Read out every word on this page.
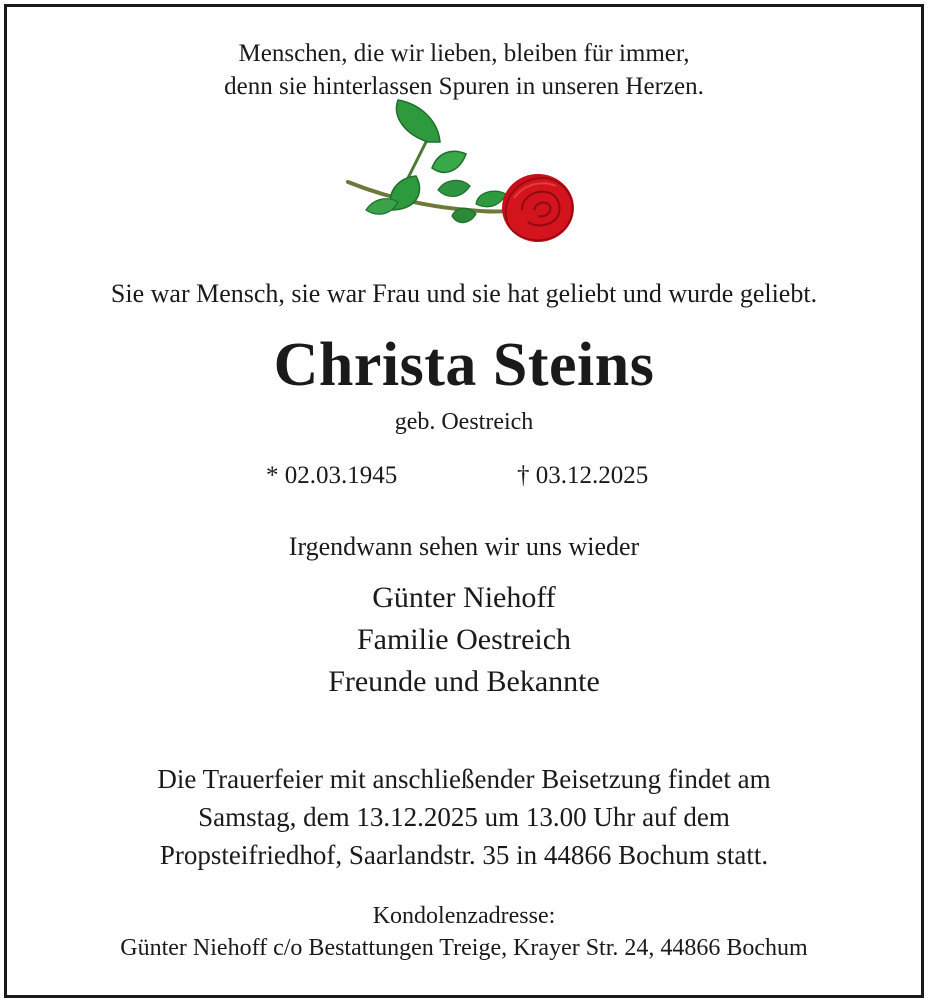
Menschen, die wir lieben, bleiben für immer,
denn sie hinterlassen Spuren in unseren Herzen.
Sie war Mensch, sie war Frau und sie hat geliebt und wurde geliebt.
Christa Steins
geb. Oestreich
* 02.03.1945	† 03.12.2025
Irgendwann sehen wir uns wieder
Günter Niehoff
Familie Oestreich
Freunde und Bekannte
Die Trauerfeier mit anschließender Beisetzung findet am
Samstag, dem 13.12.2025 um 13.00 Uhr auf dem
Propsteifriedhof, Saarlandstr. 35 in 44866 Bochum statt.
Kondolenzadresse:
Günter Niehoff c/o Bestattungen Treige, Krayer Str. 24, 44866 Bochum
